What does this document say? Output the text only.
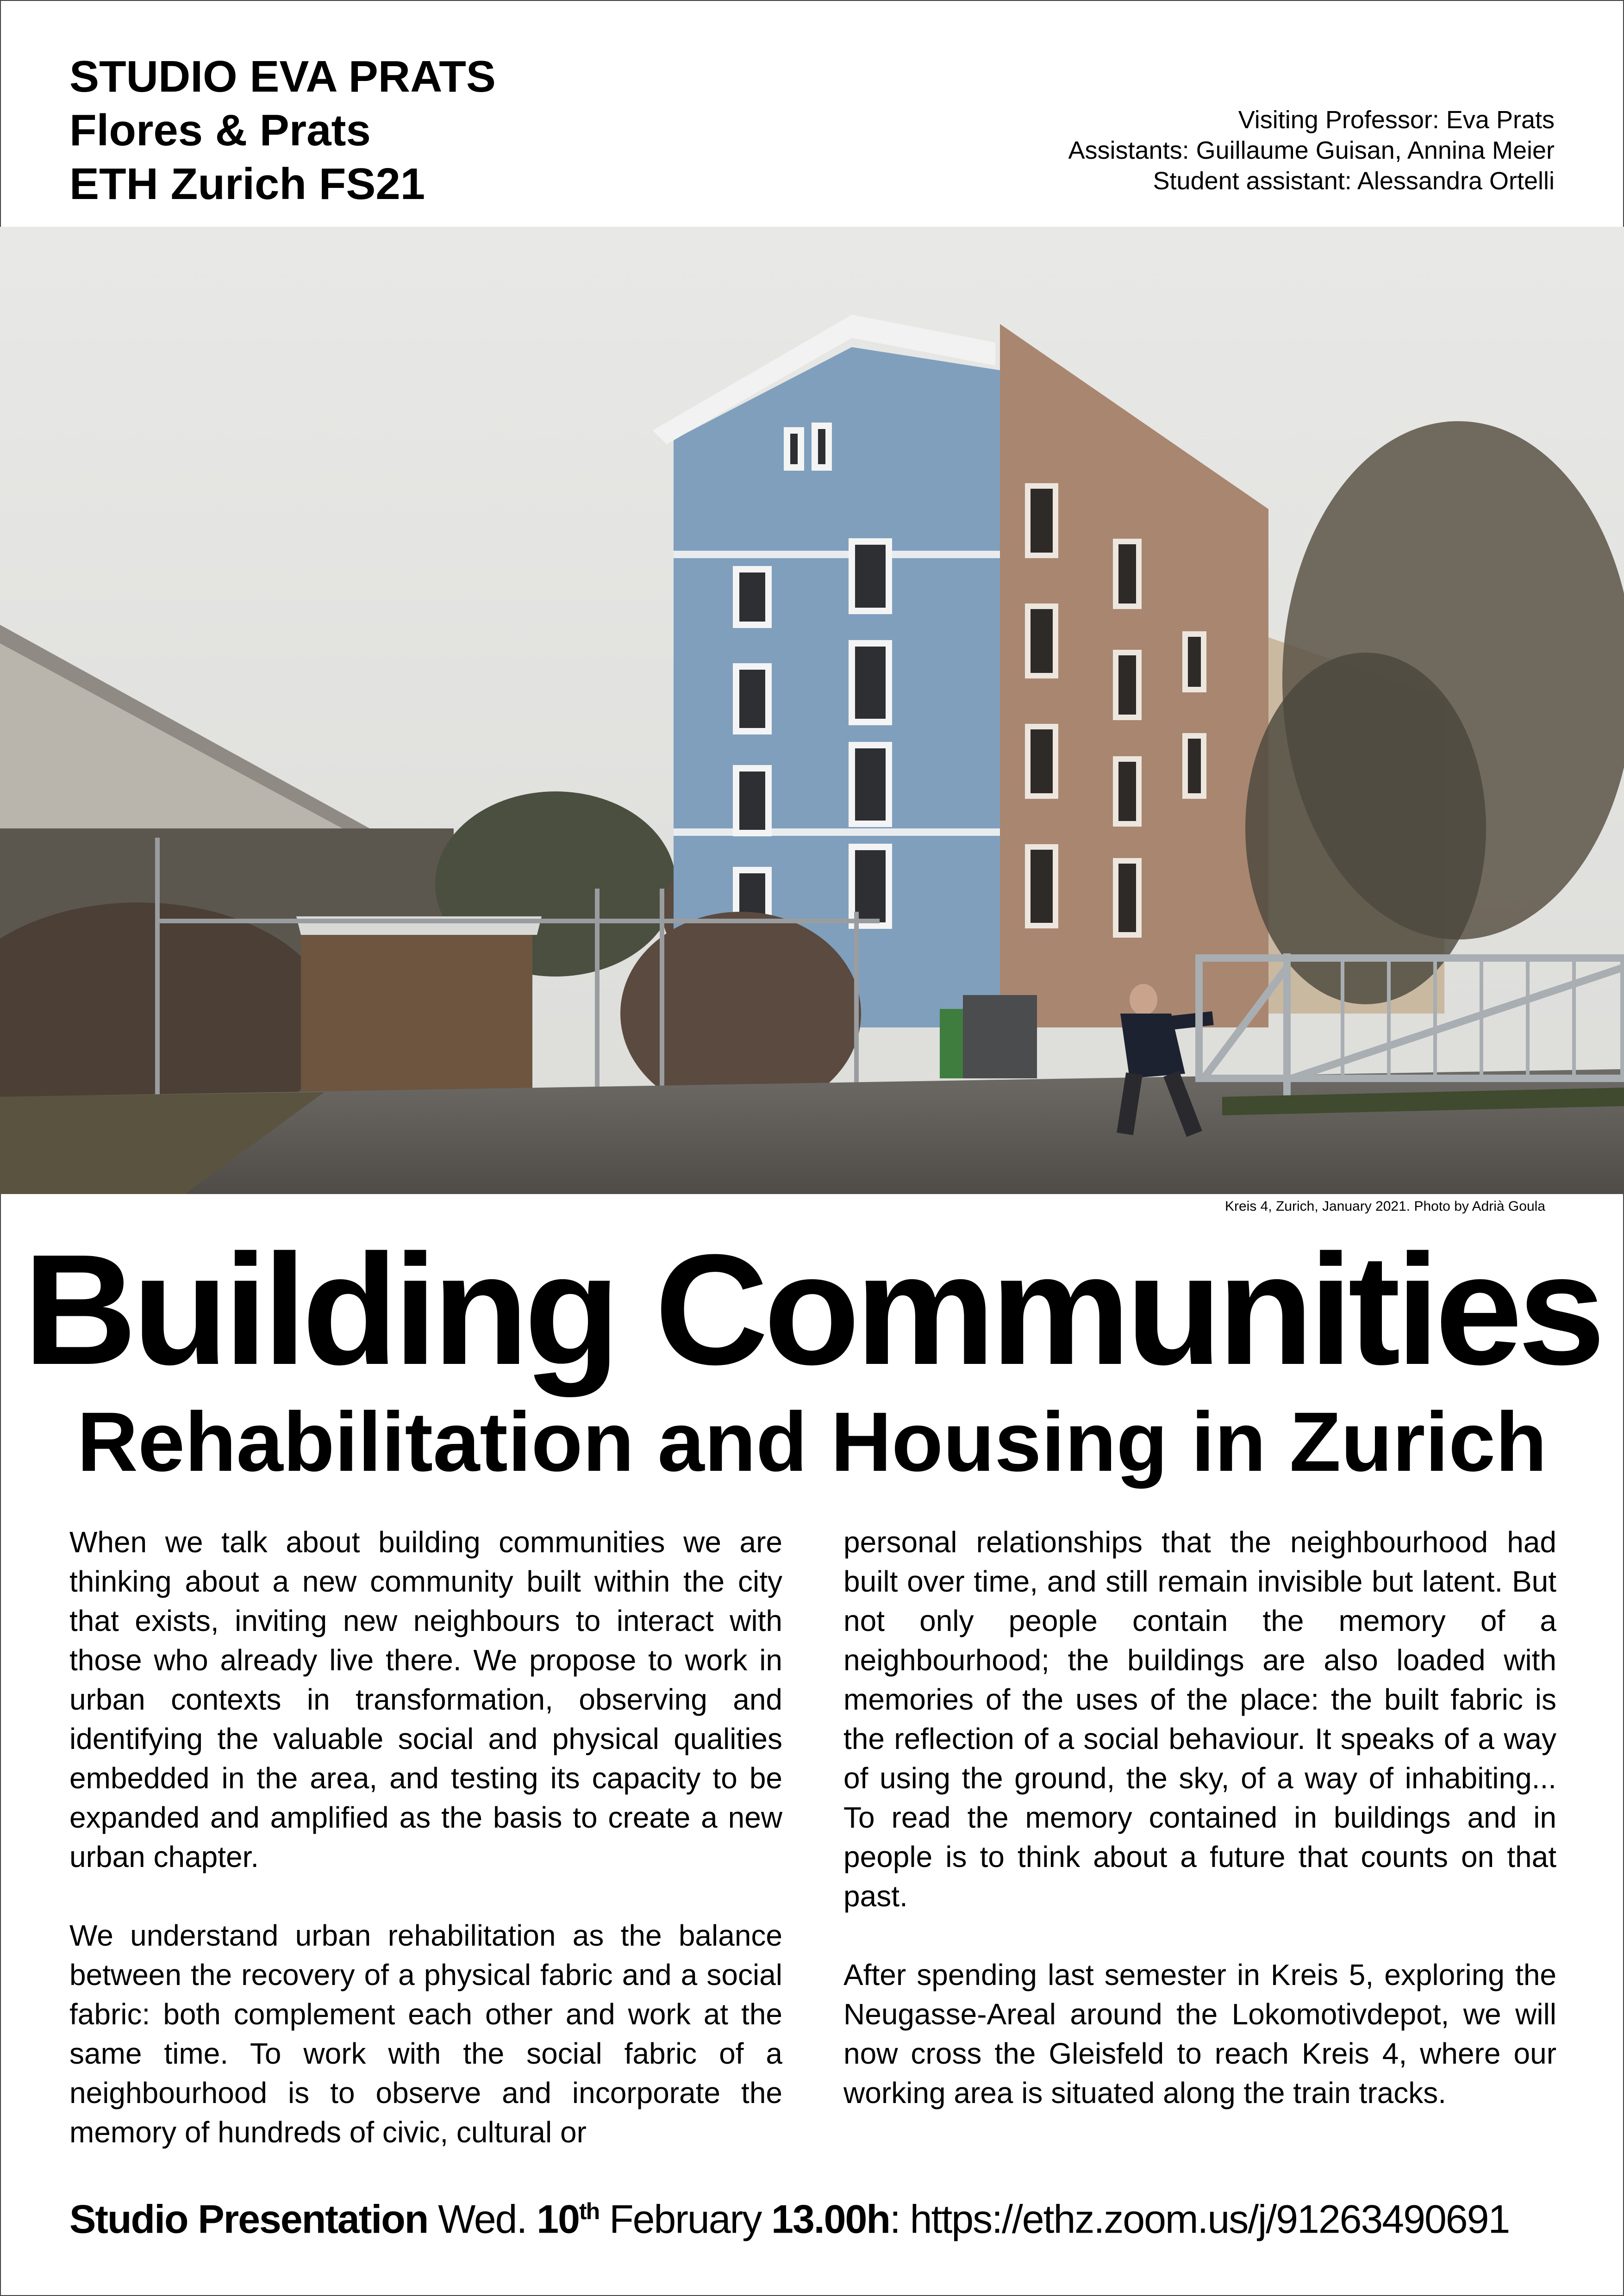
STUDIO EVA PRATS
Flores & Prats
ETH Zurich FS21
Visiting Professor: Eva Prats
Assistants: Guillaume Guisan, Annina Meier
Student assistant: Alessandra Ortelli
Kreis 4, Zurich, January 2021. Photo by Adrià Goula
Building Communities
Rehabilitation and Housing in Zurich

When we talk about building communities we are thinking about a new community built within the city that exists, inviting new neighbours to interact with those who already live there. We propose to work in urban contexts in transformation, observing and identifying the valuable social and physical qualities embedded in the area, and testing its capacity to be expanded and amplified as the basis to create a new urban chapter.

We understand urban rehabilitation as the balance between the recovery of a physical fabric and a social fabric: both complement each other and work at the same time. To work with the social fabric of a neighbourhood is to observe and incorporate the memory of hundreds of civic, cultural or

personal relationships that the neighbourhood had built over time, and still remain invisible but latent. But not only people contain the memory of a neighbourhood; the buildings are also loaded with memories of the uses of the place: the built fabric is the reflection of a social behaviour. It speaks of a way of using the ground, the sky, of a way of inhabiting... To read the memory contained in buildings and in people is to think about a future that counts on that past.

After spending last semester in Kreis 5, exploring the Neugasse-Areal around the Lokomotivdepot, we will now cross the Gleisfeld to reach Kreis 4, where our working area is situated along the train tracks.

Studio Presentation Wed. 10th February 13.00h: https://ethz.zoom.us/j/91263490691
